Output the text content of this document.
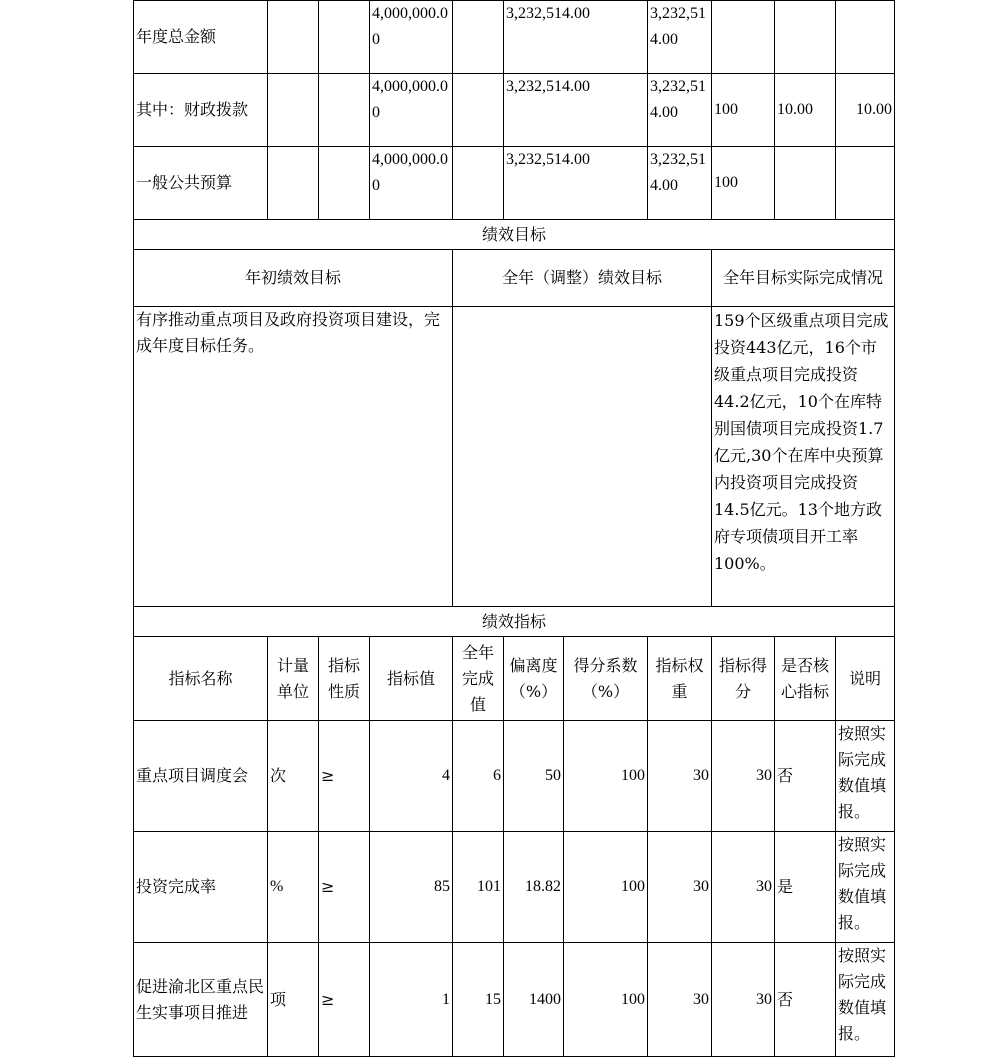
年度总金额			4,000,000.00		3,232,514.00		3,232,514.00			
其中：财政拨款			4,000,000.00		3,232,514.00		3,232,514.00	100	10.00	10.00
一般公共预算			4,000,000.00		3,232,514.00		3,232,514.00	100		
绩效目标										
年初绩效目标				全年（调整）绩效目标				全年目标实际完成情况		
有序推动重点项目及政府投资项目建设，完成年度目标任务。								159个区级重点项目完成投资443亿元，16个市级重点项目完成投资44.2亿元，10个在库特别国债项目完成投资1.7亿元,30个在库中央预算内投资项目完成投资14.5亿元。13个地方政府专项债项目开工率100%。		
绩效指标										
指标名称	计量单位	指标性质	指标值	全年完成值	偏离度（%）	得分系数（%）	指标权重	指标得分	是否核心指标	说明
重点项目调度会	次	≥	4	6	50	100	30	30	否	按照实际完成数值填报。
投资完成率	%	≥	85	101	18.82	100	30	30	是	按照实际完成数值填报。
促进渝北区重点民生实事项目推进	项	≥	1	15	1400	100	30	30	否	按照实际完成数值填报。
